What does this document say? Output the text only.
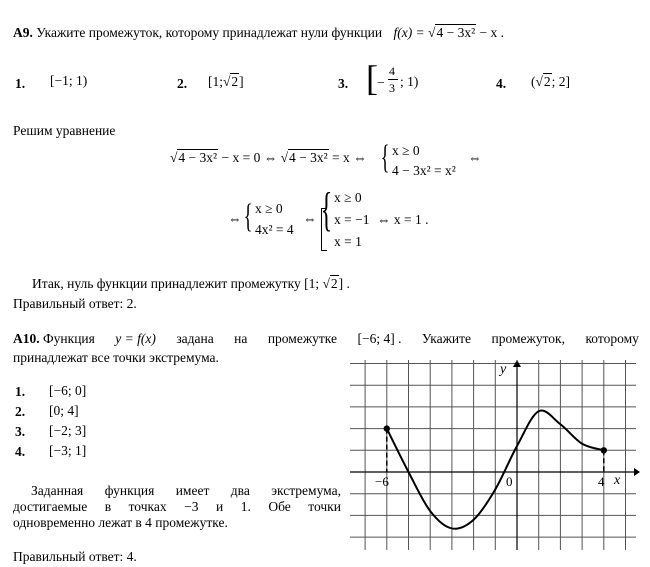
A9. Укажите промежуток, которому принадлежат нули функции f(x) = √4 − 3x² − x .
1. [−1; 1)	2. [1;√2]	3. [ −
4
3 ; 1)	4. (√2; 2]
Решим уравнение
√4 − 3x² − x = 0 ⇔ √4 − 3x² = x ⇔ { x ≥ 0
4 − 3x² = x²
⇔
⇔ { x ≥ 0
4x² = 4
⇔ { x ≥ 0
x = −1
x = 1
⇔ x = 1 .
Итак, нуль функции принадлежит промежутку [1; √2] .
Правильный ответ: 2.
A10. Функция y = f(x) задана на промежутке [−6; 4] . Укажите промежуток, которому
принадлежат все точки экстремума.
1. [−6; 0]
2. [0; 4]
3. [−2; 3]
4. [−3; 1]
Заданная функция имеет два экстремума,
достигаемые в точках −3 и 1. Обе точки
одновременно лежат в 4 промежутке.
Правильный ответ: 4.
y
x
−6	0	4
